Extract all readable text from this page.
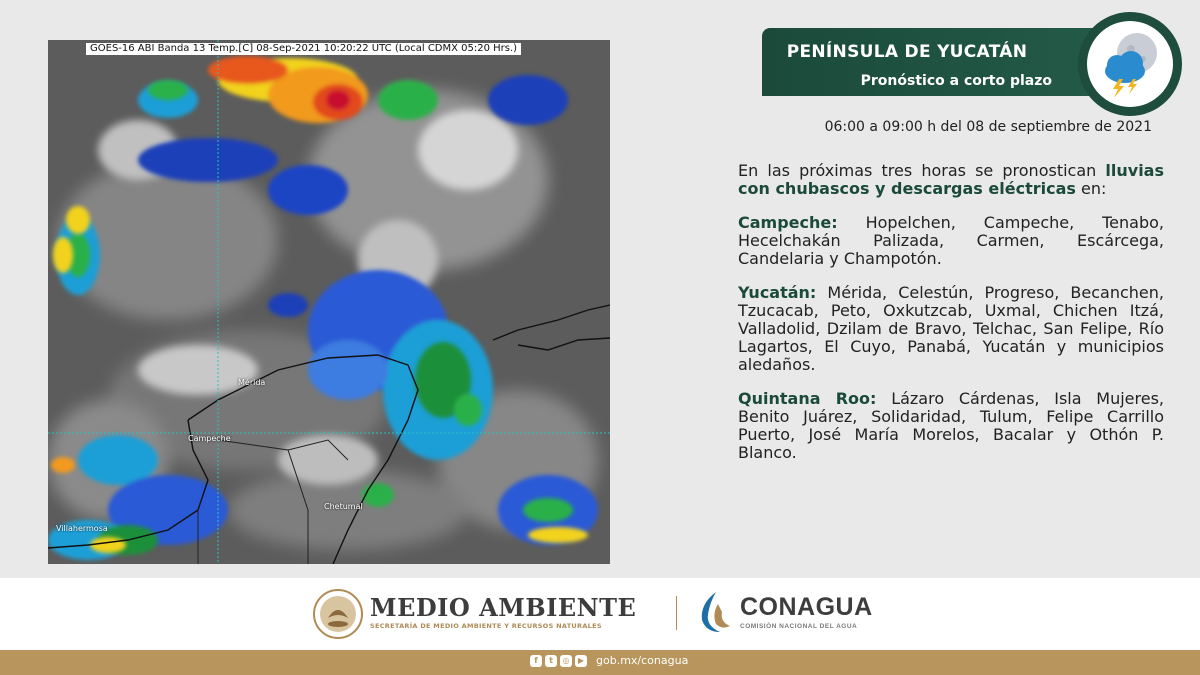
GOES-16 ABI Banda 13 Temp.[C] 08-Sep-2021 10:20:22 UTC (Local CDMX 05:20 Hrs.)
Mérida
Campeche
Chetumal
Villahermosa
PENÍNSULA DE YUCATÁN
Pronóstico a corto plazo
06:00 a 09:00 h del 08 de septiembre de 2021

En las próximas tres horas se pronostican lluvias con chubascos y descargas eléctricas en:

Campeche: Hopelchen, Campeche, Tenabo, Hecelchakán Palizada, Carmen, Escárcega, Candelaria y Champotón.

Yucatán: Mérida, Celestún, Progreso, Becanchen, Tzucacab, Peto, Oxkutzcab, Uxmal, Chichen Itzá, Valladolid, Dzilam de Bravo, Telchac, San Felipe, Río Lagartos, El Cuyo, Panabá, Yucatán y municipios aledaños.

Quintana Roo: Lázaro Cárdenas, Isla Mujeres, Benito Juárez, Solidaridad, Tulum, Felipe Carrillo Puerto, José María Morelos, Bacalar y Othón P. Blanco.

MEDIO AMBIENTE
SECRETARÍA DE MEDIO AMBIENTE Y RECURSOS NATURALES
CONAGUA
COMISIÓN NACIONAL DEL AGUA
f	t	◎	▶ gob.mx/conagua
